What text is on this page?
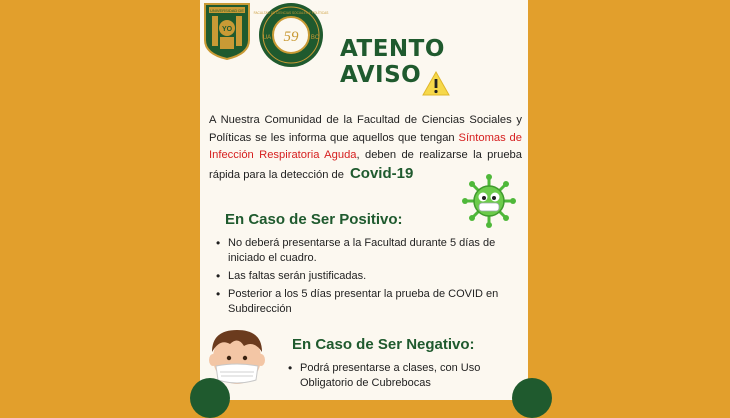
UNIVERSIDAD DE
YO	59
UA	BC
FACULTAD DE CIENCIAS SOCIALES Y POLÍTICAS
ATENTO AVISO
A Nuestra Comunidad de la Facultad de Ciencias Sociales y Políticas se les informa que aquellos que tengan Síntomas de Infección Respiratoria Aguda, deben de realizarse la prueba rápida para la detección de Covid-19
En Caso de Ser Positivo:
• No deberá presentarse a la Facultad durante 5 días de iniciado el cuadro.
• Las faltas serán justificadas.
• Posterior a los 5 días presentar la prueba de COVID en Subdirección
En Caso de Ser Negativo:
• Podrá presentarse a clases, con Uso Obligatorio de Cubrebocas
